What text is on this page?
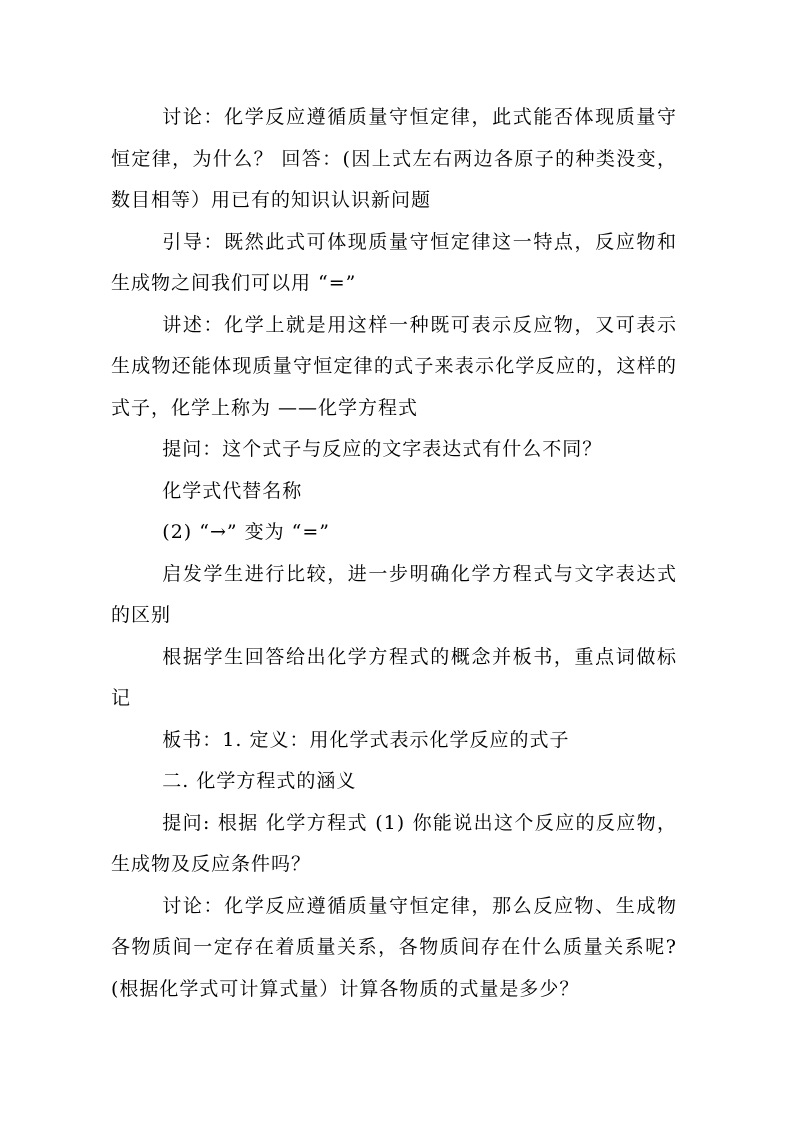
讨论：化学反应遵循质量守恒定律，此式能否体现质量守恒定律，为什么？ 回答：(因上式左右两边各原子的种类没变，数目相等）用已有的知识认识新问题

引导：既然此式可体现质量守恒定律这一特点，反应物和生成物之间我们可以用 “=”

讲述：化学上就是用这样一种既可表示反应物，又可表示生成物还能体现质量守恒定律的式子来表示化学反应的，这样的式子，化学上称为 ——化学方程式

提问：这个式子与反应的文字表达式有什么不同？

化学式代替名称

(2) “→” 变为 “=”

启发学生进行比较，进一步明确化学方程式与文字表达式的区别

根据学生回答给出化学方程式的概念并板书，重点词做标记

板书：1. 定义：用化学式表示化学反应的式子

二. 化学方程式的涵义

提问: 根据 化学方程式 (1) 你能说出这个反应的反应物，生成物及反应条件吗？

讨论：化学反应遵循质量守恒定律，那么反应物、生成物各物质间一定存在着质量关系，各物质间存在什么质量关系呢? (根据化学式可计算式量）计算各物质的式量是多少？
